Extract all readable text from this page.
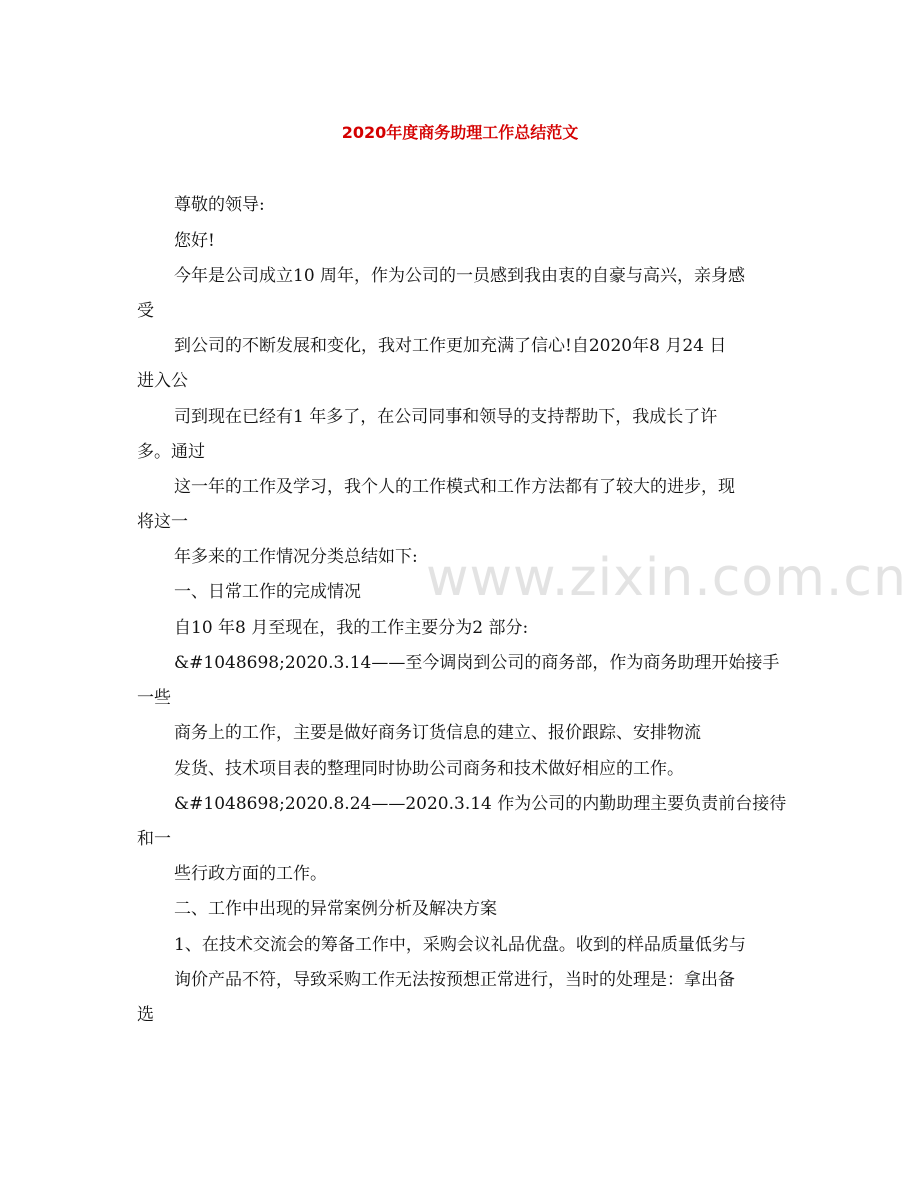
www.zixin.com.cn
2020年度商务助理工作总结范文

尊敬的领导:

您好!

今年是公司成立10 周年，作为公司的一员感到我由衷的自豪与高兴，亲身感

受

到公司的不断发展和变化，我对工作更加充满了信心!自2020年8 月24 日

进入公

司到现在已经有1 年多了，在公司同事和领导的支持帮助下，我成长了许

多。通过

这一年的工作及学习，我个人的工作模式和工作方法都有了较大的进步，现

将这一

年多来的工作情况分类总结如下:

一、日常工作的完成情况

自10 年8 月至现在，我的工作主要分为2 部分:

&#1048698;2020.3.14——至今调岗到公司的商务部，作为商务助理开始接手

一些

商务上的工作，主要是做好商务订货信息的建立、报价跟踪、安排物流

发货、技术项目表的整理同时协助公司商务和技术做好相应的工作。

&#1048698;2020.8.24——2020.3.14 作为公司的内勤助理主要负责前台接待

和一

些行政方面的工作。

二、工作中出现的异常案例分析及解决方案

1、在技术交流会的筹备工作中，采购会议礼品优盘。收到的样品质量低劣与

询价产品不符，导致采购工作无法按预想正常进行，当时的处理是：拿出备

选
